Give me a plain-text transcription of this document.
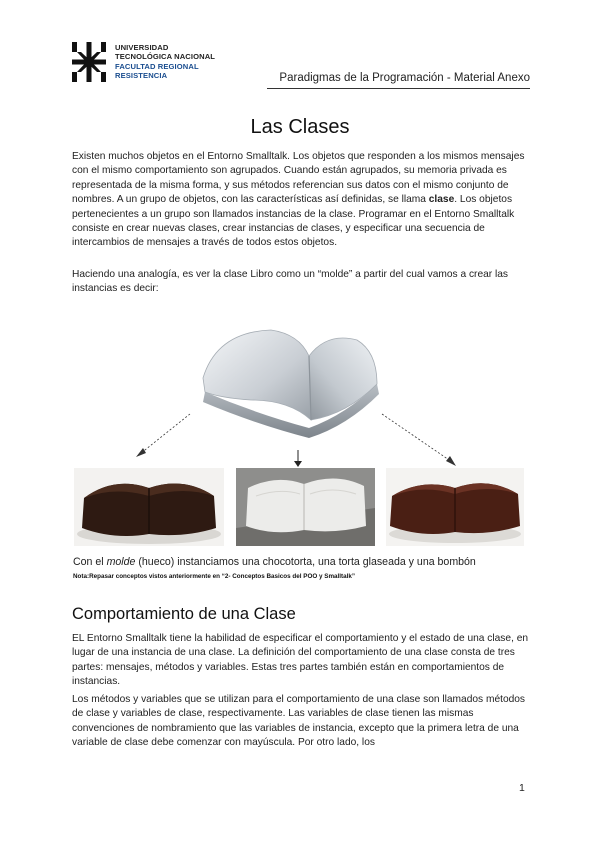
UNIVERSIDAD
TECNOLÓGICA NACIONAL
FACULTAD REGIONAL
RESISTENCIA	Paradigmas de la Programación - Material Anexo
Las Clases
Existen muchos objetos en el Entorno Smalltalk. Los objetos que responden a los mismos mensajes con el mismo comportamiento son agrupados. Cuando están agrupados, su memoria privada es representada de la misma forma, y sus métodos referencian sus datos con el mismo conjunto de nombres. A un grupo de objetos, con las características así definidas, se llama clase. Los objetos pertenecientes a un grupo son llamados instancias de la clase. Programar en el Entorno Smalltalk consiste en crear nuevas clases, crear instancias de clases, y especificar una secuencia de intercambios de mensajes a través de todos estos objetos.
Haciendo una analogía, es ver la clase Libro como un “molde” a partir del cual vamos a crear las instancias es decir:
Con el molde (hueco) instanciamos una chocotorta, una torta glaseada y una bombón
Nota:Repasar conceptos vistos anteriormente en “2- Conceptos Basicos del POO y Smalltalk”
Comportamiento de una Clase
EL Entorno Smalltalk tiene la habilidad de especificar el comportamiento y el estado de una clase, en lugar de una instancia de una clase. La definición del comportamiento de una clase consta de tres partes: mensajes, métodos y variables. Estas tres partes también están en comportamientos de instancias.
Los métodos y variables que se utilizan para el comportamiento de una clase son llamados métodos de clase y variables de clase, respectivamente. Las variables de clase tienen las mismas convenciones de nombramiento que las variables de instancia, excepto que la primera letra de una variable de clase debe comenzar con mayúscula. Por otro lado, los
1
